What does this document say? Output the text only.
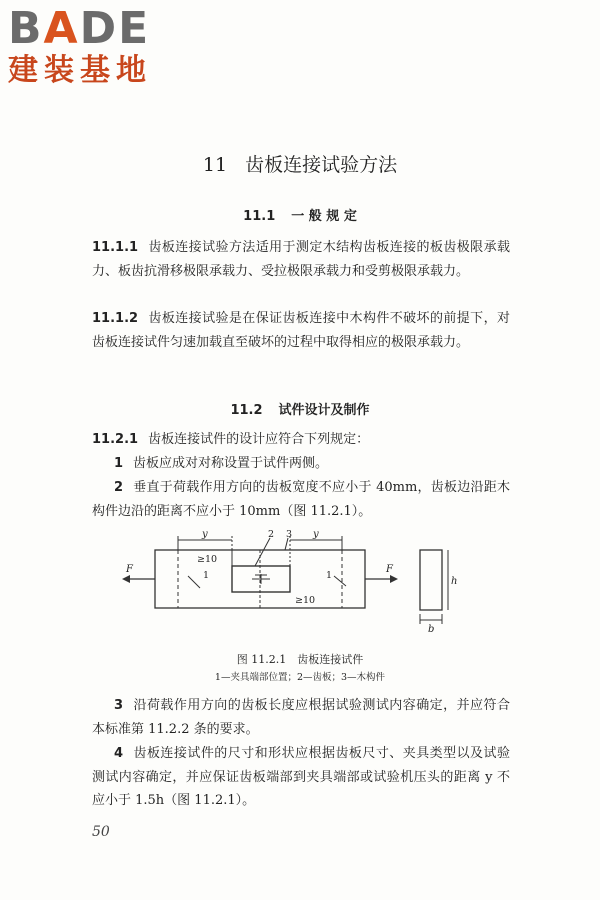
BADE
建装基地
11 齿板连接试验方法
11.1 一 般 规 定

11.1.1 齿板连接试验方法适用于测定木结构齿板连接的板齿极限承载力、板齿抗滑移极限承载力、受拉极限承载力和受剪极限承载力。

11.1.2 齿板连接试验是在保证齿板连接中木构件不破坏的前提下，对齿板连接试件匀速加载直至破坏的过程中取得相应的极限承载力。

11.2 试件设计及制作

11.2.1 齿板连接试件的设计应符合下列规定：

1 齿板应成对对称设置于试件两侧。

2 垂直于荷载作用方向的齿板宽度不应小于 40mm，齿板边沿距木构件边沿的距离不应小于 10mm（图 11.2.1）。

F	F
y	y
h
b
≥10
≥10
1	1
2 3
图 11.2.1　齿板连接试件
1—夹具端部位置；2—齿板；3—木构件

3 沿荷载作用方向的齿板长度应根据试验测试内容确定，并应符合本标准第 11.2.2 条的要求。

4 齿板连接试件的尺寸和形状应根据齿板尺寸、夹具类型以及试验测试内容确定，并应保证齿板端部到夹具端部或试验机压头的距离 y 不应小于 1.5h（图 11.2.1）。

50
